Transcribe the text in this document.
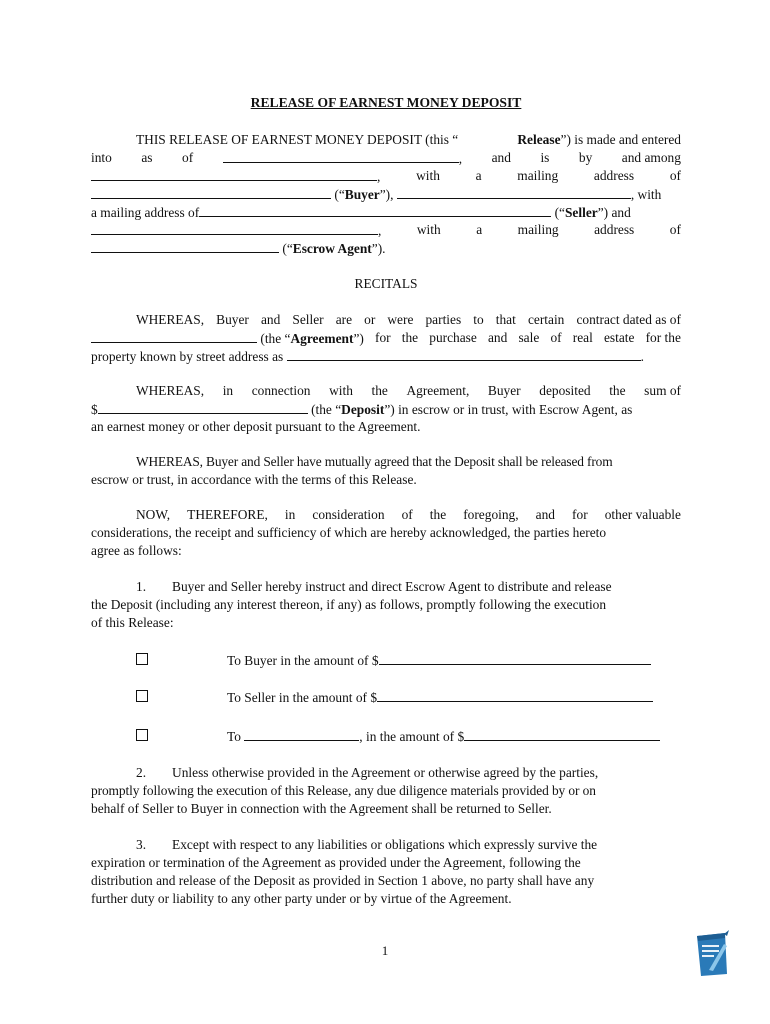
RELEASE OF EARNEST MONEY DEPOSIT
THIS RELEASE OF EARNEST MONEY DEPOSIT (this “	Release”) is made and entered
into as of	, and is by and among
,	with	a	mailing	address	of
(“Buyer”),	, with
a mailing address of	(“Seller”) and
,	with	a	mailing	address	of
(“Escrow Agent”).
RECITALS
WHEREAS, Buyer and Seller are or were parties to that certain contract dated as of
(the “Agreement”) for the purchase and sale of real estate for the
property known by street address as	.
WHEREAS, in connection with the Agreement, Buyer deposited the sum of
$	(the “Deposit”) in escrow or in trust, with Escrow Agent, as
an earnest money or other deposit pursuant to the Agreement.
WHEREAS, Buyer and Seller have mutually agreed that the Deposit shall be released from
escrow or trust, in accordance with the terms of this Release.
NOW, THEREFORE, in consideration of the foregoing, and for other valuable
considerations, the receipt and sufficiency of which are hereby acknowledged, the parties hereto
agree as follows:
1. Buyer and Seller hereby instruct and direct Escrow Agent to distribute and release
the Deposit (including any interest thereon, if any) as follows, promptly following the execution
of this Release:
To Buyer in the amount of $
To Seller in the amount of $
To	, in the amount of $
2. Unless otherwise provided in the Agreement or otherwise agreed by the parties,
promptly following the execution of this Release, any due diligence materials provided by or on
behalf of Seller to Buyer in connection with the Agreement shall be returned to Seller.
3. Except with respect to any liabilities or obligations which expressly survive the
expiration or termination of the Agreement as provided under the Agreement, following the
distribution and release of the Deposit as provided in Section 1 above, no party shall have any
further duty or liability to any other party under or by virtue of the Agreement.
1
